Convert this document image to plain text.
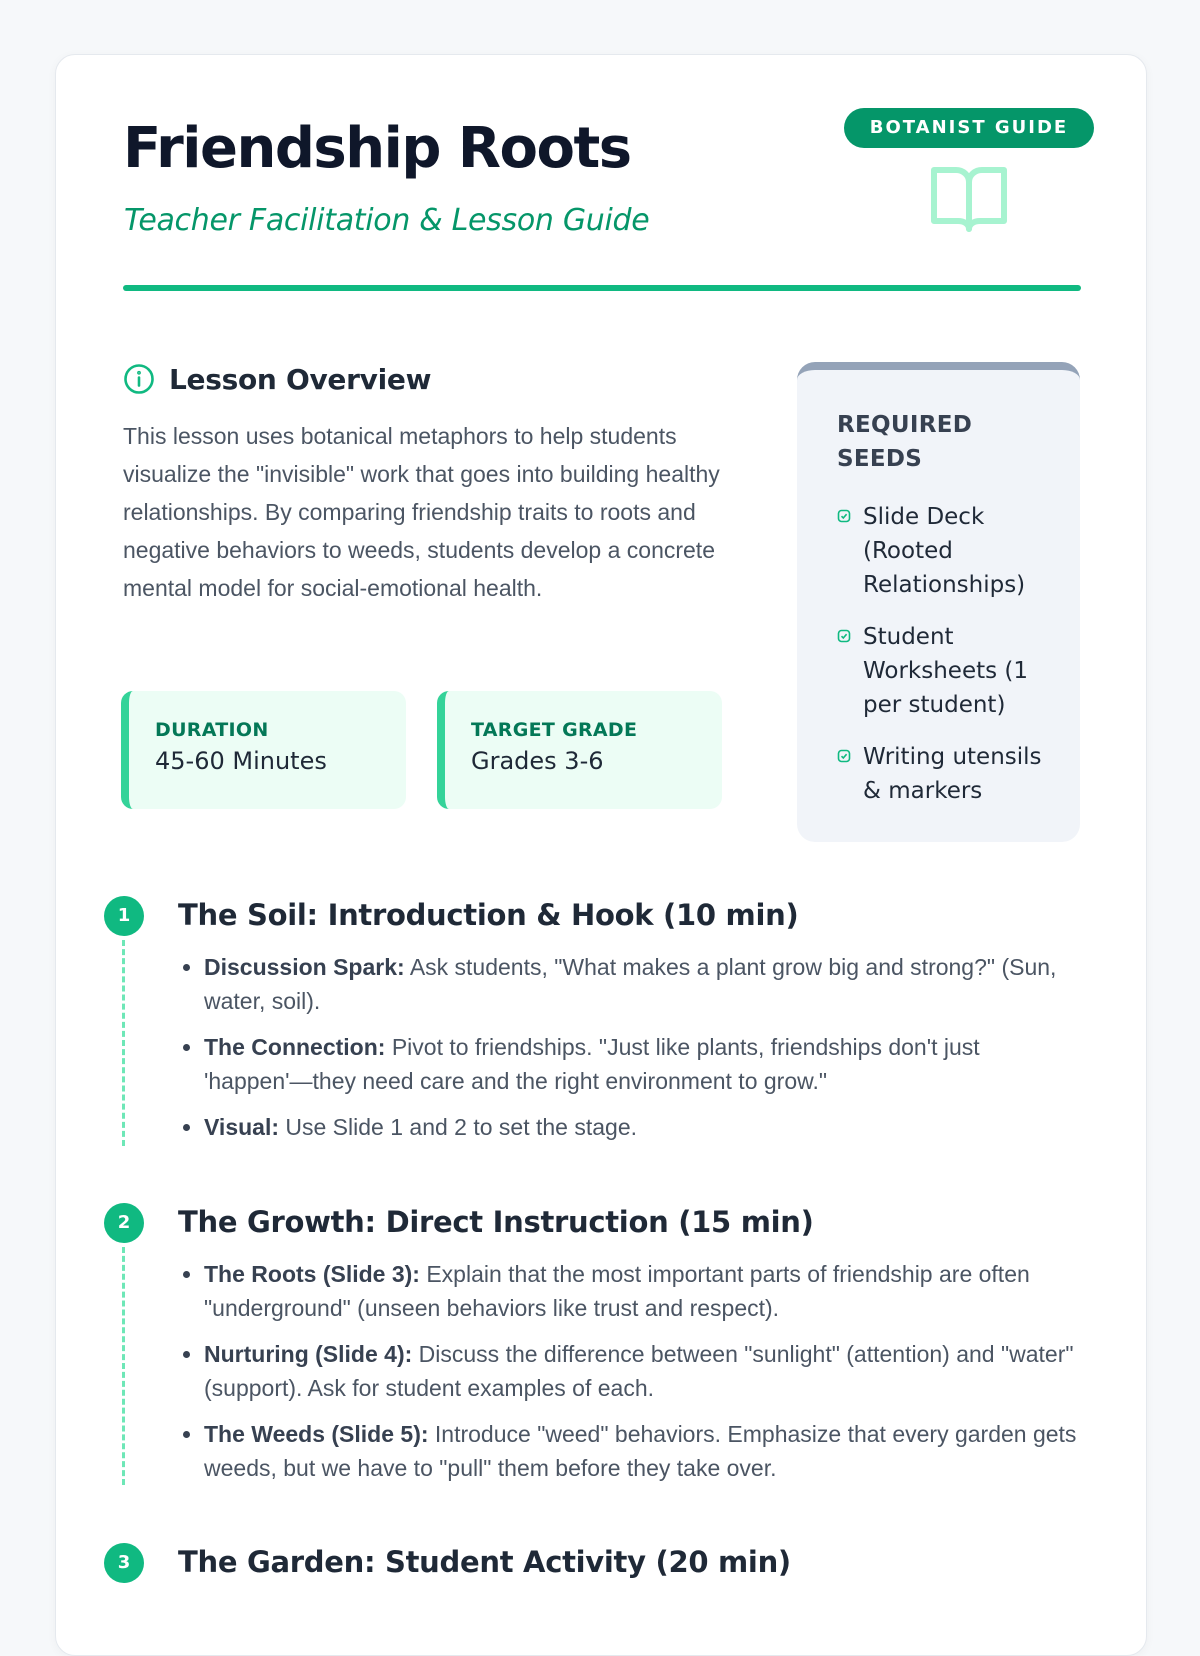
Friendship Roots
Teacher Facilitation & Lesson Guide
BOTANIST GUIDE
Lesson Overview

This lesson uses botanical metaphors to help students visualize the "invisible" work that goes into building healthy relationships. By comparing friendship traits to roots and negative behaviors to weeds, students develop a concrete mental model for social-emotional health.

DURATION
45-60 Minutes
TARGET GRADE
Grades 3-6
REQUIRED SEEDS
Slide Deck (Rooted Relationships)
Student Worksheets (1 per student)
Writing utensils & markers
1	The Soil: Introduction & Hook (10 min)
• Discussion Spark: Ask students, "What makes a plant grow big and strong?" (Sun, water, soil).
• The Connection: Pivot to friendships. "Just like plants, friendships don't just 'happen'—they need care and the right environment to grow."
• Visual: Use Slide 1 and 2 to set the stage.
2	The Growth: Direct Instruction (15 min)
• The Roots (Slide 3): Explain that the most important parts of friendship are often "underground" (unseen behaviors like trust and respect).
• Nurturing (Slide 4): Discuss the difference between "sunlight" (attention) and "water" (support). Ask for student examples of each.
• The Weeds (Slide 5): Introduce "weed" behaviors. Emphasize that every garden gets weeds, but we have to "pull" them before they take over.
3	The Garden: Student Activity (20 min)
